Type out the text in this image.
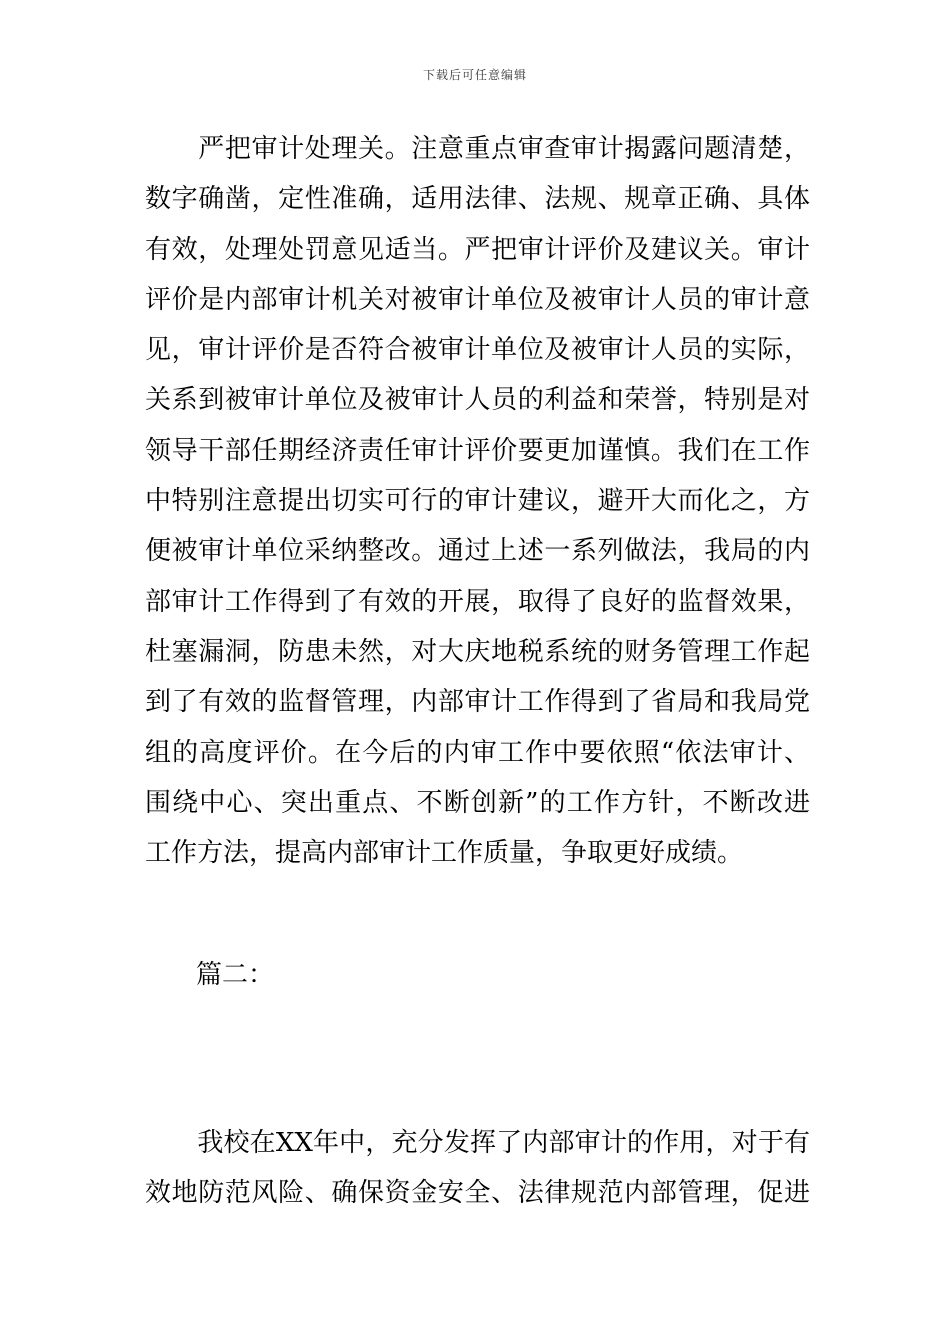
下载后可任意编辑

　　严把审计处理关。注意重点审查审计揭露问题清楚，
数字确凿，定性准确，适用法律、法规、规章正确、具体
有效，处理处罚意见适当。严把审计评价及建议关。审计
评价是内部审计机关对被审计单位及被审计人员的审计意
见，审计评价是否符合被审计单位及被审计人员的实际，
关系到被审计单位及被审计人员的利益和荣誉，特别是对
领导干部任期经济责任审计评价要更加谨慎。我们在工作
中特别注意提出切实可行的审计建议，避开大而化之，方
便被审计单位采纳整改。通过上述一系列做法，我局的内
部审计工作得到了有效的开展，取得了良好的监督效果，
杜塞漏洞，防患未然，对大庆地税系统的财务管理工作起
到了有效的监督管理，内部审计工作得到了省局和我局党
组的高度评价。在今后的内审工作中要依照“依法审计、
围绕中心、突出重点、不断创新”的工作方针，不断改进
工作方法，提高内部审计工作质量，争取更好成绩。

篇二：

　　我校在XX年中，充分发挥了内部审计的作用，对于有
效地防范风险、确保资金安全、法律规范内部管理，促进
